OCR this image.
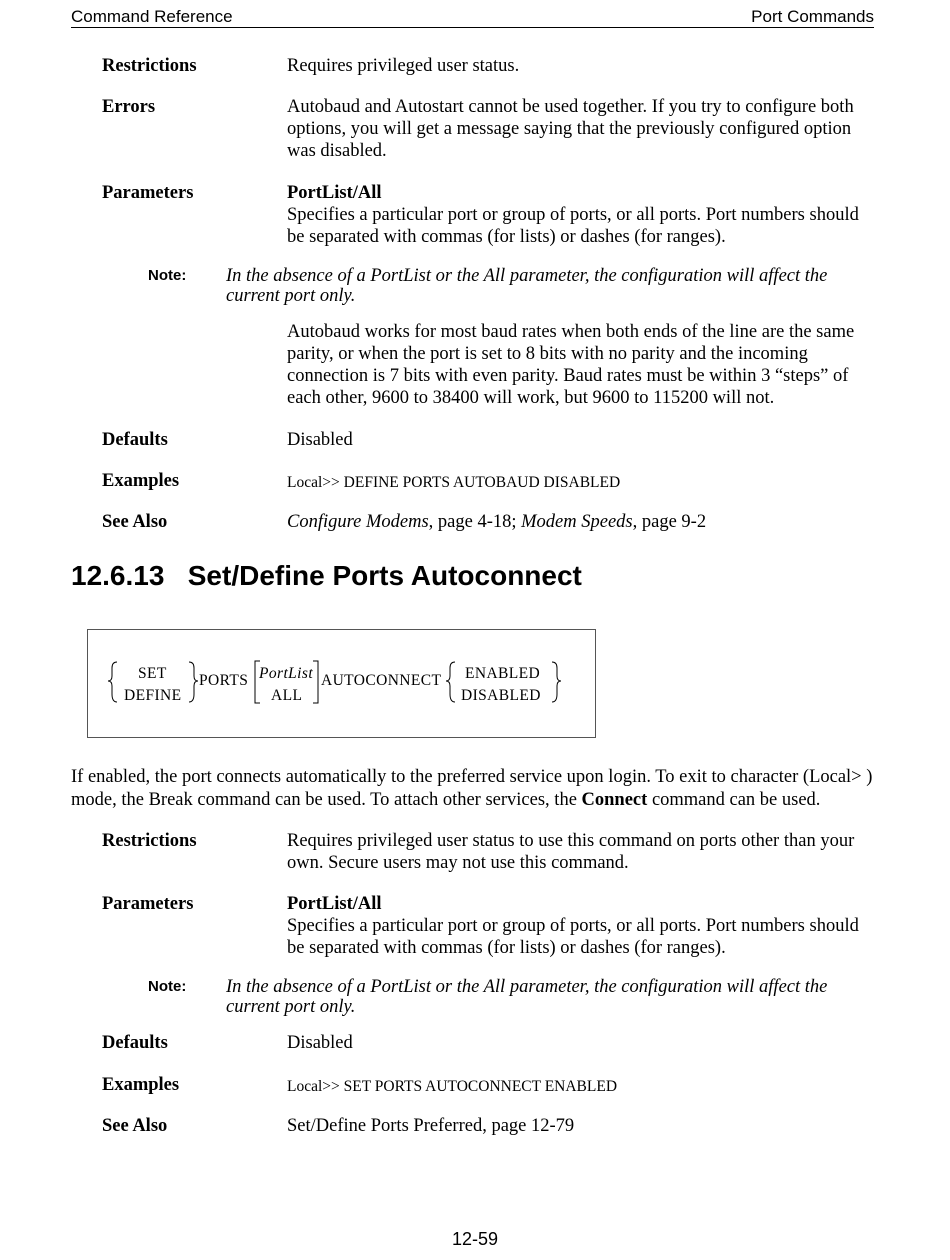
Command Reference	Port Commands
Restrictions	Requires privileged user status.
Errors	Autobaud and Autostart cannot be used together. If you try to configure both options, you will get a message saying that the previously configured option was disabled.
Parameters	PortList/All
Specifies a particular port or group of ports, or all ports. Port numbers should be separated with commas (for lists) or dashes (for ranges).
Note: In the absence of a PortList or the All parameter, the configuration will affect the current port only.
Autobaud works for most baud rates when both ends of the line are the same parity, or when the port is set to 8 bits with no parity and the incoming connection is 7 bits with even parity. Baud rates must be within 3 “steps” of each other, 9600 to 38400 will work, but 9600 to 115200 will not.
Defaults	Disabled
Examples	Local>> DEFINE PORTS AUTOBAUD DISABLED
See Also	Configure Modems, page 4-18; Modem Speeds, page 9-2
12.6.13   Set/Define Ports Autoconnect
SET
DEFINE
PORTS PortList
ALL
AUTOCONNECT ENABLED
DISABLED
If enabled, the port connects automatically to the preferred service upon login. To exit to character (Local> ) mode, the Break command can be used. To attach other services, the Connect command can be used.
Restrictions	Requires privileged user status to use this command on ports other than your own. Secure users may not use this command.
Parameters	PortList/All
Specifies a particular port or group of ports, or all ports. Port numbers should be separated with commas (for lists) or dashes (for ranges).
Note: In the absence of a PortList or the All parameter, the configuration will affect the current port only.
Defaults	Disabled
Examples	Local>> SET PORTS AUTOCONNECT ENABLED
See Also	Set/Define Ports Preferred, page 12-79
12-59
